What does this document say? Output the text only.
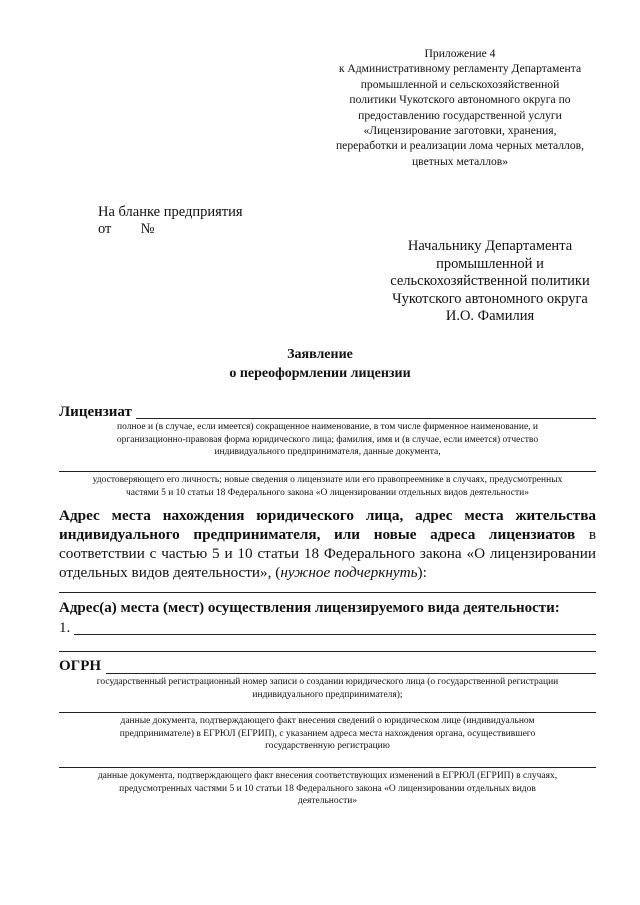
Приложение 4
к Административному регламенту Департамента
промышленной и сельскохозяйственной
политики Чукотского автономного округа по
предоставлению государственной услуги
«Лицензирование заготовки, хранения,
переработки и реализации лома черных металлов,
цветных металлов»
На бланке предприятия
от №
Начальнику Департамента
промышленной и
сельскохозяйственной политики
Чукотского автономного округа
И.О. Фамилия
Заявление
о переоформлении лицензии
Лицензиат
полное и (в случае, если имеется) сокращенное наименование, в том числе фирменное наименование, и
организационно-правовая форма юридического лица; фамилия, имя и (в случае, если имеется) отчество
индивидуального предпринимателя, данные документа,
удостоверяющего его личность; новые сведения о лицензиате или его правопреемнике в случаях, предусмотренных
частями 5 и 10 статьи 18 Федерального закона «О лицензировании отдельных видов деятельности»
Адрес места нахождения юридического лица, адрес места жительства индивидуального предпринимателя, или новые адреса лицензиатов в соответствии с частью 5 и 10 статьи 18 Федерального закона «О лицензировании отдельных видов деятельности», (нужное подчеркнуть):
Адрес(а) места (мест) осуществления лицензируемого вида деятельности:
1.
ОГРН
государственный регистрационный номер записи о создании юридического лица (о государственной регистрации
индивидуального предпринимателя);
данные документа, подтверждающего факт внесения сведений о юридическом лице (индивидуальном
предпринимателе) в ЕГРЮЛ (ЕГРИП), с указанием адреса места нахождения органа, осуществившего
государственную регистрацию
данные документа, подтверждающего факт внесения соответствующих изменений в ЕГРЮЛ (ЕГРИП) в случаях,
предусмотренных частями 5 и 10 статьи 18 Федерального закона «О лицензировании отдельных видов
деятельности»
